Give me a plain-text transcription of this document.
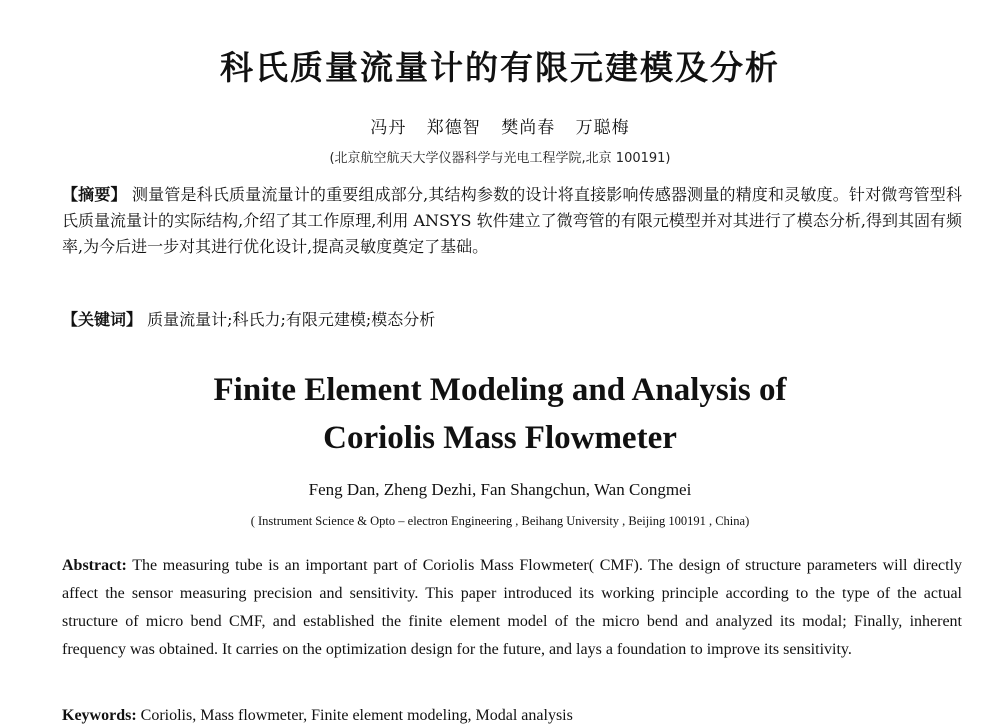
科氏质量流量计的有限元建模及分析
冯丹 郑德智 樊尚春 万聪梅
(北京航空航天大学仪器科学与光电工程学院,北京 100191)
【摘要】 测量管是科氏质量流量计的重要组成部分,其结构参数的设计将直接影响传感器测量的精度和灵敏度。针对微弯管型科氏质量流量计的实际结构,介绍了其工作原理,利用 ANSYS 软件建立了微弯管的有限元模型并对其进行了模态分析,得到其固有频率,为今后进一步对其进行优化设计,提高灵敏度奠定了基础。
【关键词】 质量流量计;科氏力;有限元建模;模态分析
Finite Element Modeling and Analysis of
Coriolis Mass Flowmeter
Feng Dan, Zheng Dezhi, Fan Shangchun, Wan Congmei
( Instrument Science & Opto – electron Engineering , Beihang University , Beijing 100191 , China)
Abstract: The measuring tube is an important part of Coriolis Mass Flowmeter( CMF). The design of structure parameters will directly affect the sensor measuring precision and sensitivity. This paper introduced its working principle according to the type of the actual structure of micro bend CMF, and established the finite element model of the micro bend and analyzed its modal; Finally, inherent frequency was obtained. It carries on the optimization design for the future, and lays a foundation to improve its sensitivity.
Keywords: Coriolis, Mass flowmeter, Finite element modeling, Modal analysis
